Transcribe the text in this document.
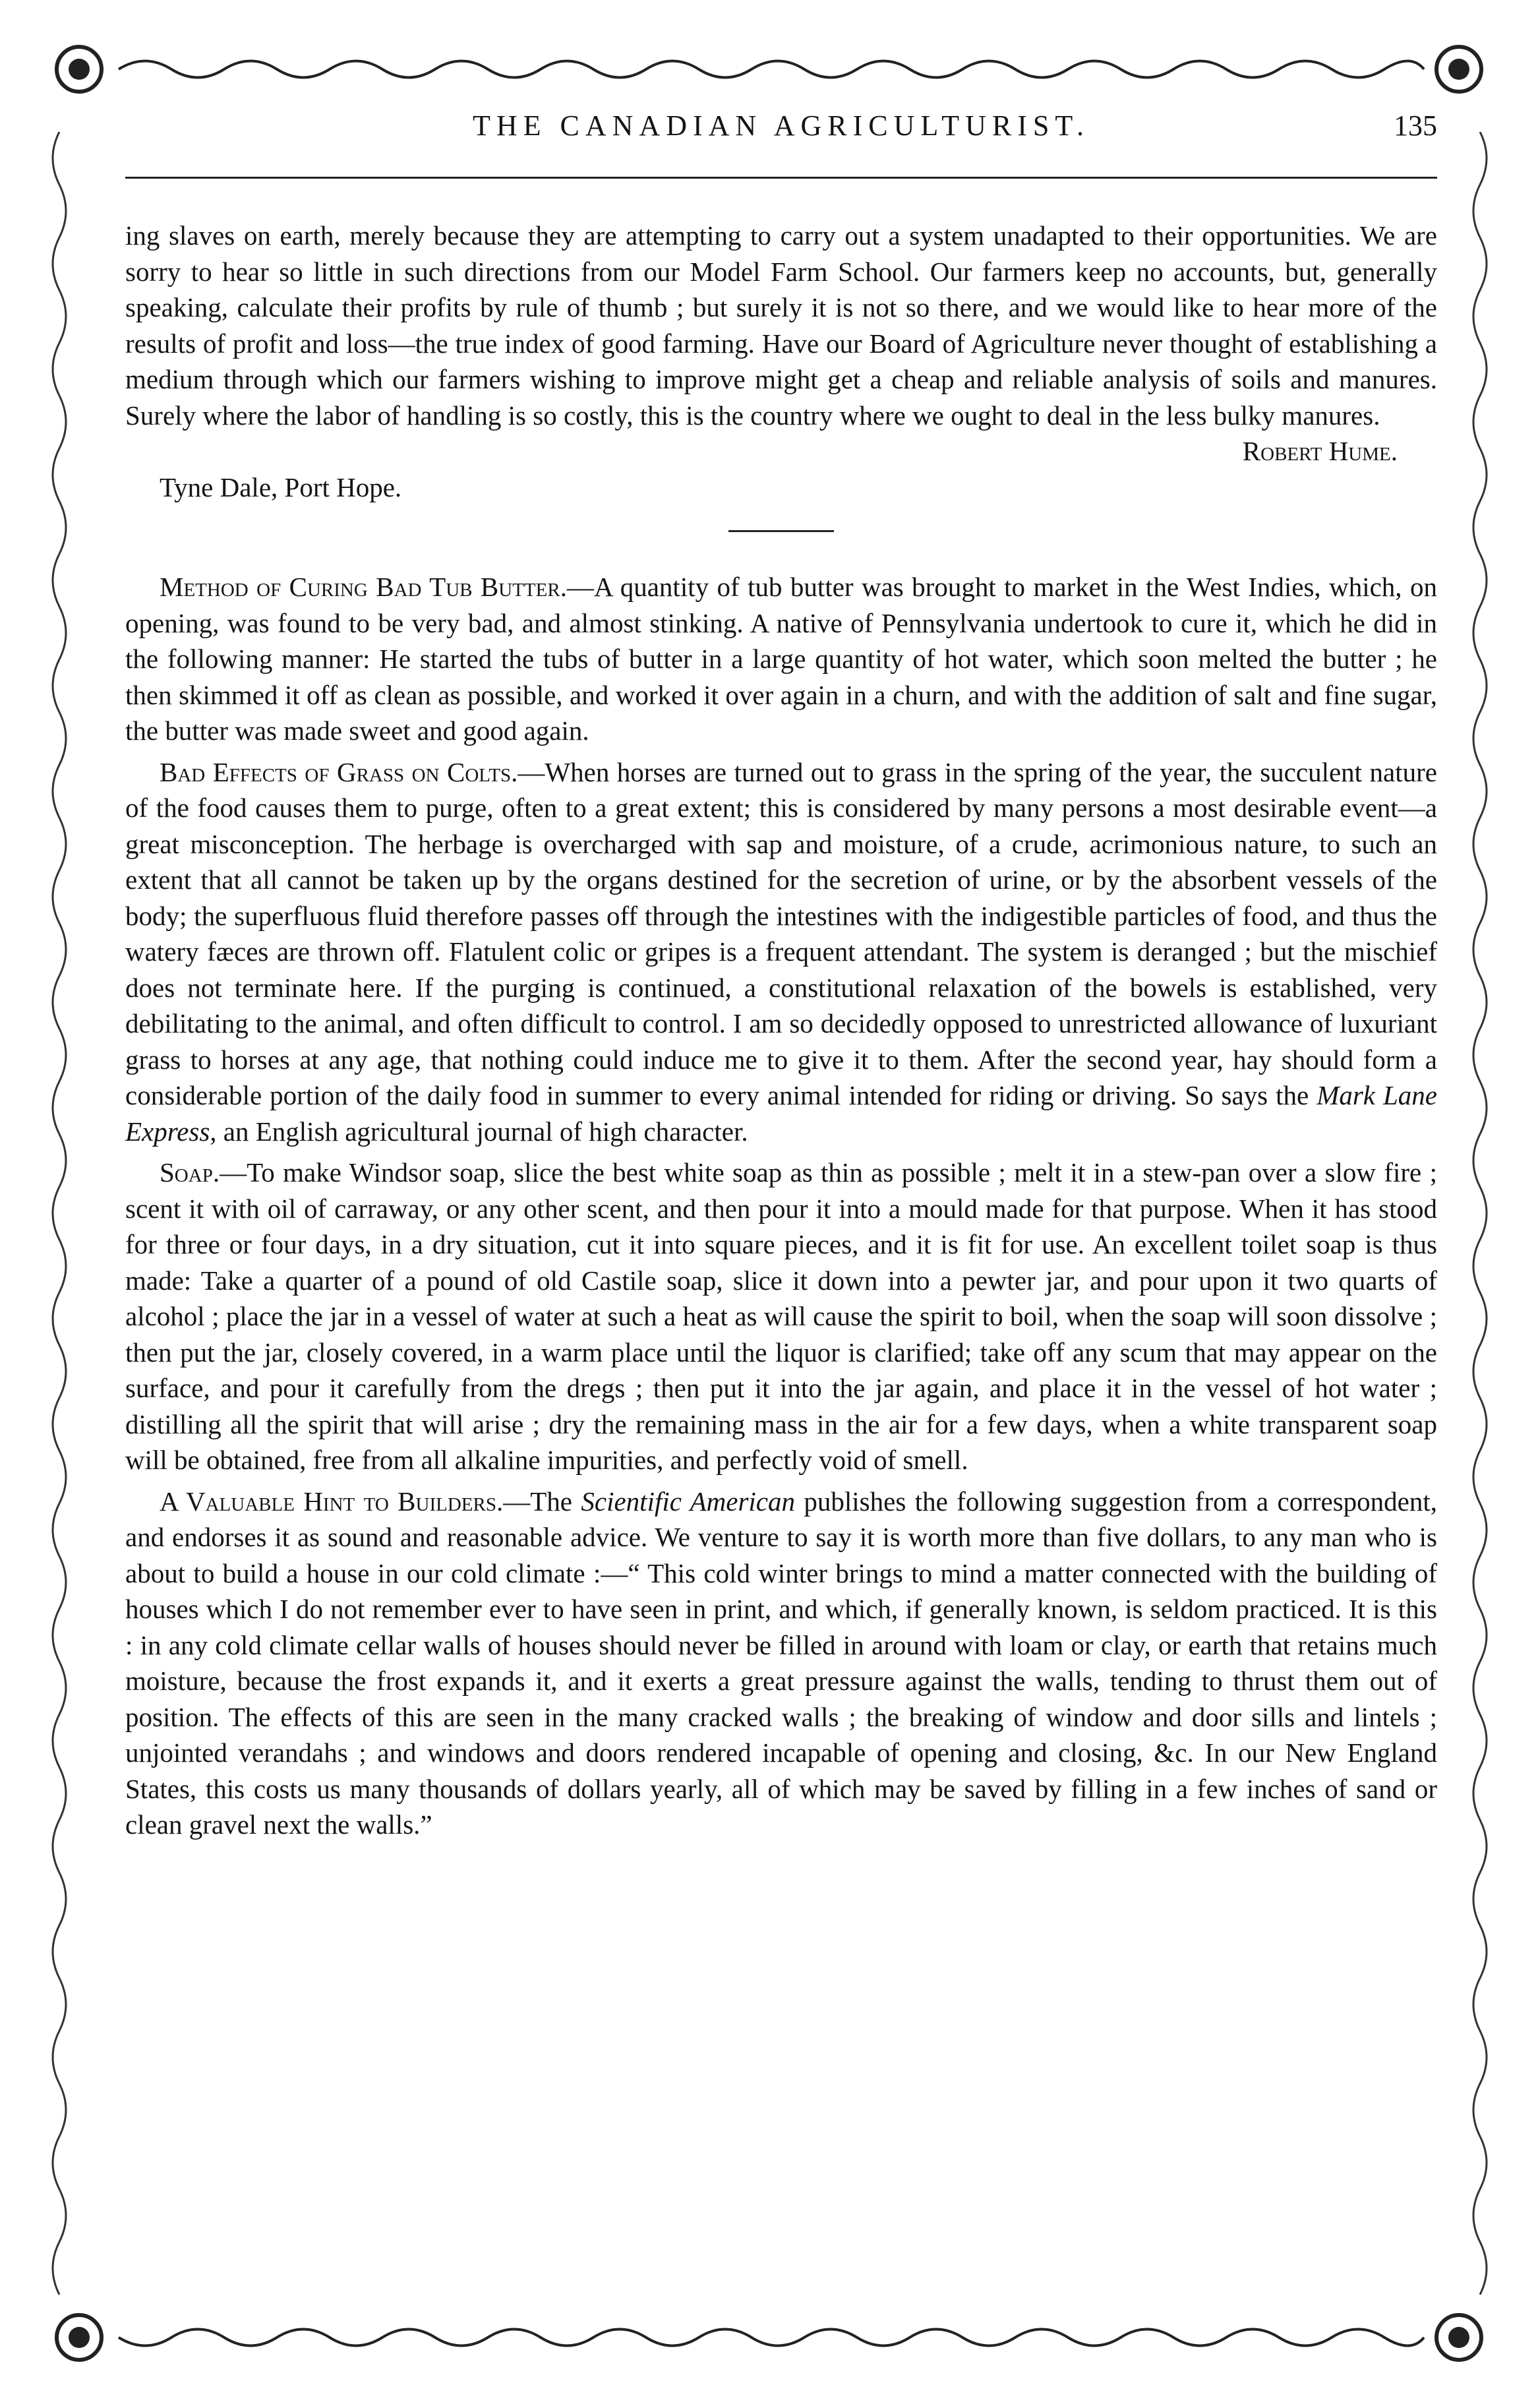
THE CANADIAN AGRICULTURIST.	135

ing slaves on earth, merely because they are attempting to carry out a system unadapted to their opportunities. We are sorry to hear so little in such directions from our Model Farm School. Our farmers keep no accounts, but, generally speaking, calculate their profits by rule of thumb ; but surely it is not so there, and we would like to hear more of the results of profit and loss—the true index of good farming. Have our Board of Agriculture never thought of establishing a medium through which our farmers wishing to improve might get a cheap and reliable analysis of soils and manures. Surely where the labor of handling is so costly, this is the country where we ought to deal in the less bulky manures.

Robert Hume.

Tyne Dale, Port Hope.

Method of Curing Bad Tub Butter.—A quantity of tub butter was brought to market in the West Indies, which, on opening, was found to be very bad, and almost stinking. A native of Pennsylvania undertook to cure it, which he did in the following manner: He started the tubs of butter in a large quantity of hot water, which soon melted the butter ; he then skimmed it off as clean as possible, and worked it over again in a churn, and with the addition of salt and fine sugar, the butter was made sweet and good again.

Bad Effects of Grass on Colts.—When horses are turned out to grass in the spring of the year, the succulent nature of the food causes them to purge, often to a great extent; this is considered by many persons a most desirable event—a great misconception. The herbage is overcharged with sap and moisture, of a crude, acrimonious nature, to such an extent that all cannot be taken up by the organs destined for the secretion of urine, or by the absorbent vessels of the body; the superfluous fluid therefore passes off through the intestines with the indigestible particles of food, and thus the watery fæces are thrown off. Flatulent colic or gripes is a frequent attendant. The system is deranged ; but the mischief does not terminate here. If the purging is continued, a constitutional relaxation of the bowels is established, very debilitating to the animal, and often difficult to control. I am so decidedly opposed to unrestricted allowance of luxuriant grass to horses at any age, that nothing could induce me to give it to them. After the second year, hay should form a considerable portion of the daily food in summer to every animal intended for riding or driving. So says the Mark Lane Express, an English agricultural journal of high character.

Soap.—To make Windsor soap, slice the best white soap as thin as possible ; melt it in a stew-pan over a slow fire ; scent it with oil of carraway, or any other scent, and then pour it into a mould made for that purpose. When it has stood for three or four days, in a dry situation, cut it into square pieces, and it is fit for use. An excellent toilet soap is thus made: Take a quarter of a pound of old Castile soap, slice it down into a pewter jar, and pour upon it two quarts of alcohol ; place the jar in a vessel of water at such a heat as will cause the spirit to boil, when the soap will soon dissolve ; then put the jar, closely covered, in a warm place until the liquor is clarified; take off any scum that may appear on the surface, and pour it carefully from the dregs ; then put it into the jar again, and place it in the vessel of hot water ; distilling all the spirit that will arise ; dry the remaining mass in the air for a few days, when a white transparent soap will be obtained, free from all alkaline impurities, and perfectly void of smell.

A Valuable Hint to Builders.—The Scientific American publishes the following suggestion from a correspondent, and endorses it as sound and reasonable advice. We venture to say it is worth more than five dollars, to any man who is about to build a house in our cold climate :—“ This cold winter brings to mind a matter connected with the building of houses which I do not remember ever to have seen in print, and which, if generally known, is seldom practiced. It is this : in any cold climate cellar walls of houses should never be filled in around with loam or clay, or earth that retains much moisture, because the frost expands it, and it exerts a great pressure against the walls, tending to thrust them out of position. The effects of this are seen in the many cracked walls ; the breaking of window and door sills and lintels ; unjointed verandahs ; and windows and doors rendered incapable of opening and closing, &c. In our New England States, this costs us many thousands of dollars yearly, all of which may be saved by filling in a few inches of sand or clean gravel next the walls.”
